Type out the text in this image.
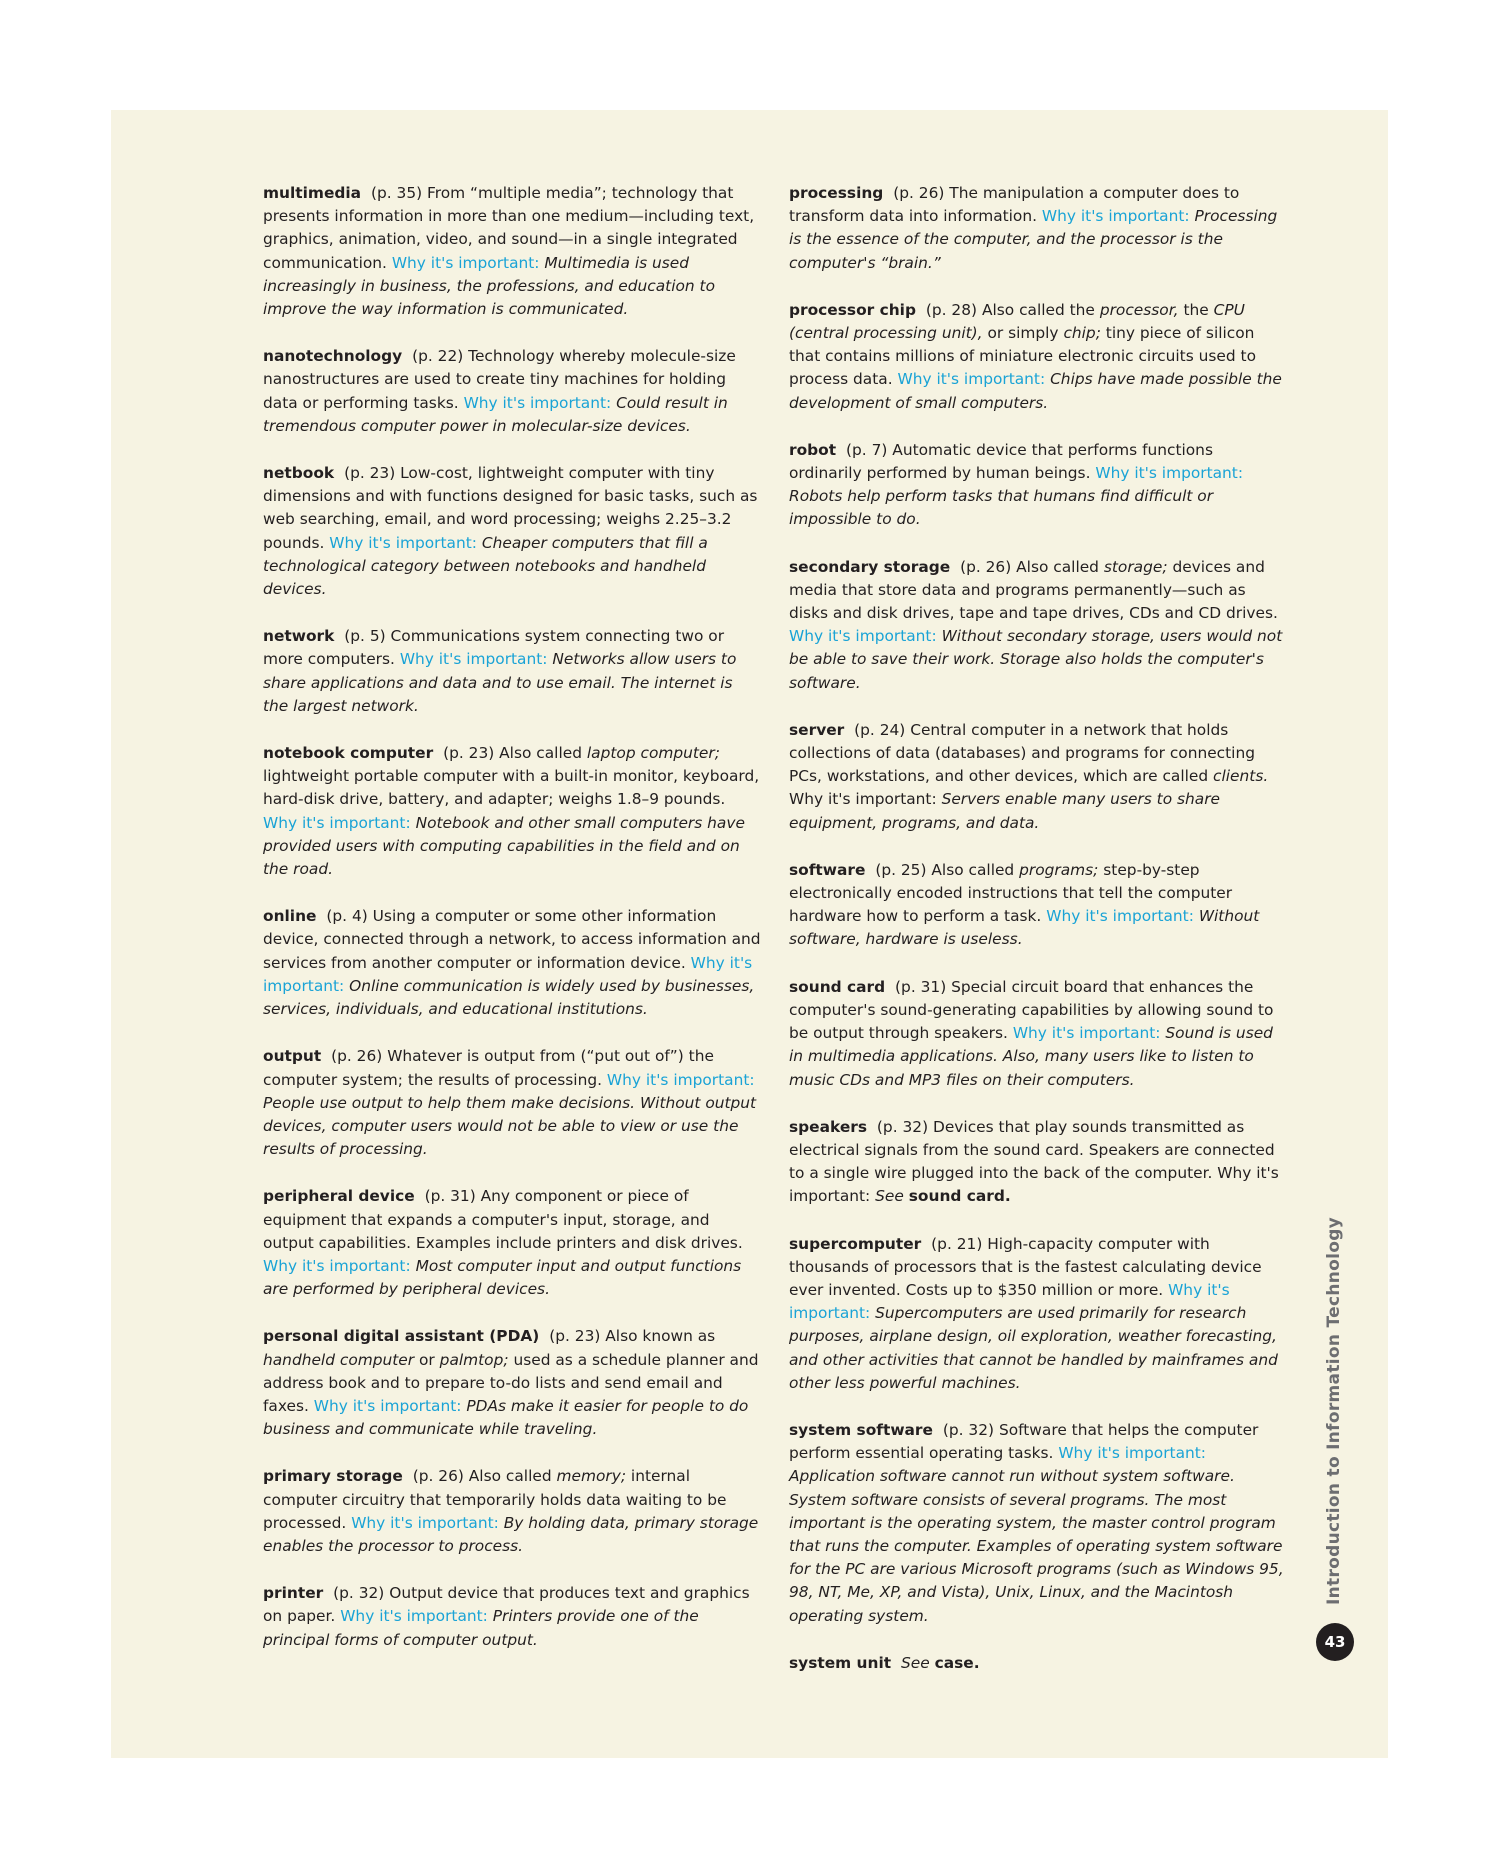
multimedia (p. 35) From “multiple media”; technology that presents information in more than one medium—including text, graphics, animation, video, and sound—in a single integrated communication. Why it's important: Multimedia is used increasingly in business, the professions, and education to improve the way information is communicated.

nanotechnology (p. 22) Technology whereby molecule-size nanostructures are used to create tiny machines for holding data or performing tasks. Why it's important: Could result in tremendous computer power in molecular-size devices.

netbook (p. 23) Low-cost, lightweight computer with tiny dimensions and with functions designed for basic tasks, such as web searching, email, and word processing; weighs 2.25–3.2 pounds. Why it's important: Cheaper computers that fill a technological category between notebooks and handheld devices.

network (p. 5) Communications system connecting two or more computers. Why it's important: Networks allow users to share applications and data and to use email. The internet is the largest network.

notebook computer (p. 23) Also called laptop computer; lightweight portable computer with a built-in monitor, keyboard, hard-disk drive, battery, and adapter; weighs 1.8–9 pounds. Why it's important: Notebook and other small computers have provided users with computing capabilities in the field and on the road.

online (p. 4) Using a computer or some other information device, connected through a network, to access information and services from another computer or information device. Why it's important: Online communication is widely used by businesses, services, individuals, and educational institutions.

output (p. 26) Whatever is output from (“put out of”) the computer system; the results of processing. Why it's important: People use output to help them make decisions. Without output devices, computer users would not be able to view or use the results of processing.

peripheral device (p. 31) Any component or piece of equipment that expands a computer's input, storage, and output capabilities. Examples include printers and disk drives. Why it's important: Most computer input and output functions are performed by peripheral devices.

personal digital assistant (PDA) (p. 23) Also known as handheld computer or palmtop; used as a schedule planner and address book and to prepare to-do lists and send email and faxes. Why it's important: PDAs make it easier for people to do business and communicate while traveling.

primary storage (p. 26) Also called memory; internal computer circuitry that temporarily holds data waiting to be processed. Why it's important: By holding data, primary storage enables the processor to process.

printer (p. 32) Output device that produces text and graphics on paper. Why it's important: Printers provide one of the principal forms of computer output.

processing (p. 26) The manipulation a computer does to transform data into information. Why it's important: Processing is the essence of the computer, and the processor is the computer's “brain.”

processor chip (p. 28) Also called the processor, the CPU (central processing unit), or simply chip; tiny piece of silicon that contains millions of miniature electronic circuits used to process data. Why it's important: Chips have made possible the development of small computers.

robot (p. 7) Automatic device that performs functions ordinarily performed by human beings. Why it's important: Robots help perform tasks that humans find difficult or impossible to do.

secondary storage (p. 26) Also called storage; devices and media that store data and programs permanently—such as disks and disk drives, tape and tape drives, CDs and CD drives. Why it's important: Without secondary storage, users would not be able to save their work. Storage also holds the computer's software.

server (p. 24) Central computer in a network that holds collections of data (databases) and programs for connecting PCs, workstations, and other devices, which are called clients. Why it's important: Servers enable many users to share equipment, programs, and data.

software (p. 25) Also called programs; step-by-step electronically encoded instructions that tell the computer hardware how to perform a task. Why it's important: Without software, hardware is useless.

sound card (p. 31) Special circuit board that enhances the computer's sound-generating capabilities by allowing sound to be output through speakers. Why it's important: Sound is used in multimedia applications. Also, many users like to listen to music CDs and MP3 files on their computers.

speakers (p. 32) Devices that play sounds transmitted as electrical signals from the sound card. Speakers are connected to a single wire plugged into the back of the computer. Why it's important: See sound card.

supercomputer (p. 21) High-capacity computer with thousands of processors that is the fastest calculating device ever invented. Costs up to $350 million or more. Why it's important: Supercomputers are used primarily for research purposes, airplane design, oil exploration, weather forecasting, and other activities that cannot be handled by mainframes and other less powerful machines.

system software (p. 32) Software that helps the computer perform essential operating tasks. Why it's important: Application software cannot run without system software. System software consists of several programs. The most important is the operating system, the master control program that runs the computer. Examples of operating system software for the PC are various Microsoft programs (such as Windows 95, 98, NT, Me, XP, and Vista), Unix, Linux, and the Macintosh operating system.

system unit See case.

Introduction to Information Technology
43
